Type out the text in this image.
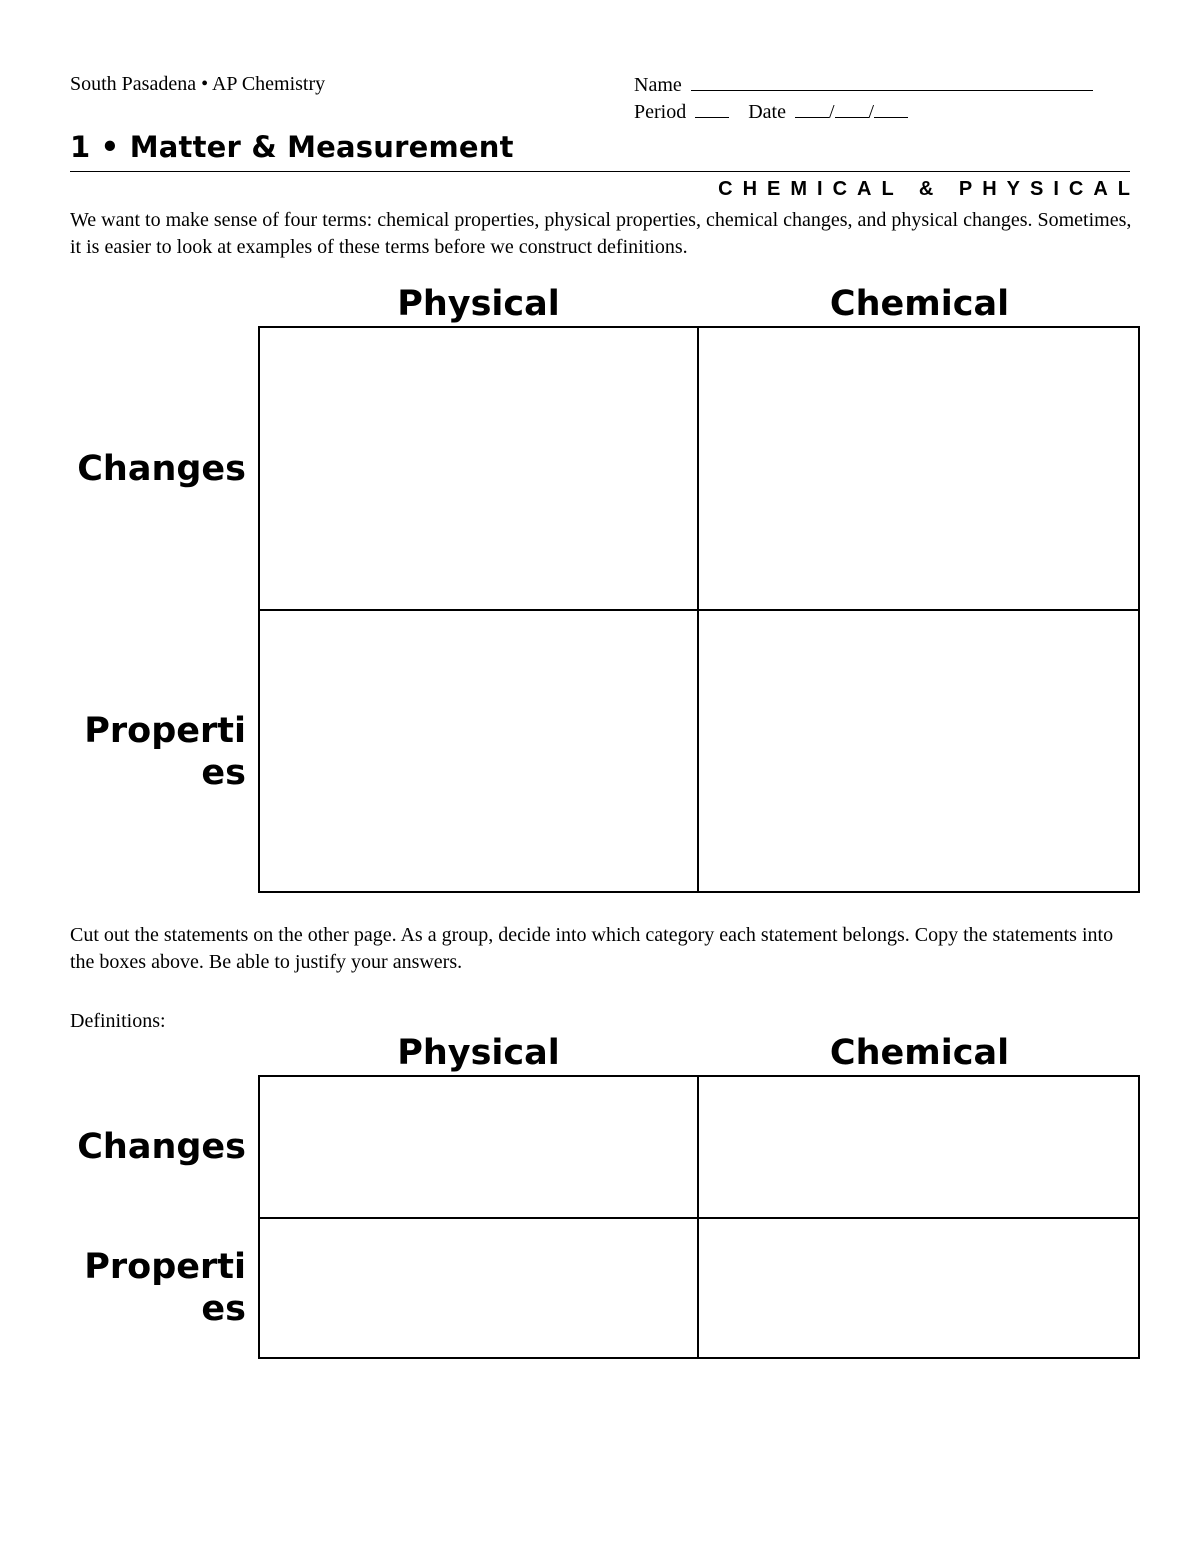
South Pasadena • AP Chemistry	Name
Period	Date / /
1 • Matter & Measurement
CHEMICAL & PHYSICAL
We want to make sense of four terms: chemical properties, physical properties, chemical changes, and physical changes. Sometimes, it is easier to look at examples of these terms before we construct definitions.
Physical	Chemical
Changes
Properties
Cut out the statements on the other page. As a group, decide into which category each statement belongs. Copy the statements into the boxes above. Be able to justify your answers.
Definitions:
Physical	Chemical
Changes
Properties
